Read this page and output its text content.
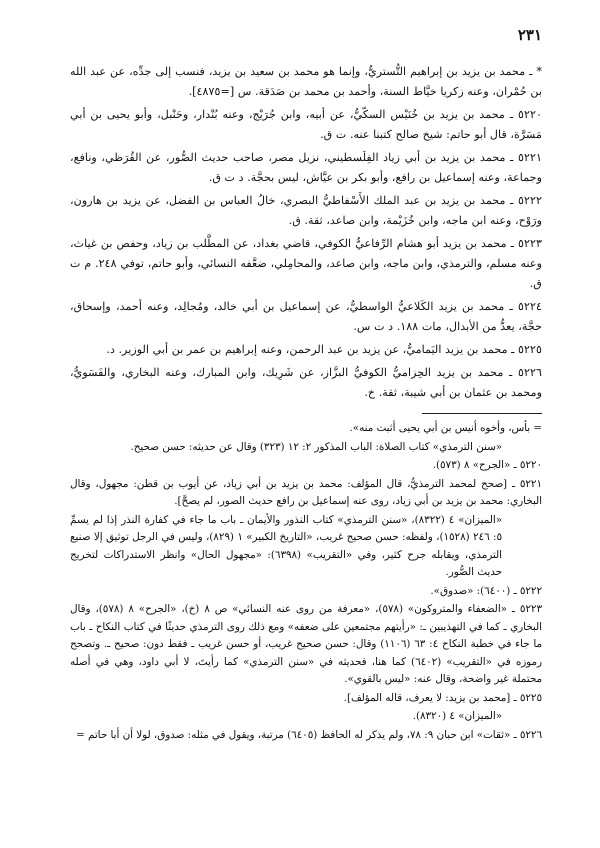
٢٣١

* ـ محمد بن يزيد بن إبراهيم التُّستريُّ، وإنما هو محمد بن سعيد بن يزيد، فنسب إلى جدِّه، عن عبد الله بن حُمْران، وعنه زكريا خيَّاط السنة، وأحمد بن محمد بن صَدَقة. س [=٤٨٧٥].

٥٢٢٠ ـ محمد بن يزيد بن خُنَيْس السكّيُّ، عن أبيه، وابن جُرَيْج، وعنه بُنْدار، وحَنْبل، وأبو يحيى بن أبي مَسَرَّة، قال أبو حاتم: شيخ صالح كتبنا عنه. ت ق.

٥٢٢١ ـ محمد بن يزيد بن أبي زياد الفِلَسطيني، نزيل مصر، صاحب حديث الصُّور، عن القُرَظي، ونافع، وجماعة، وعنه إسماعيل بن رافع، وأبو بكر بن عيَّاش، ليس بحجَّة. د ت ق.

٥٢٢٢ ـ محمد بن يزيد بن عبد الملك الأَسْفاطيُّ البصري، خالُ العباس بن الفضل، عن يزيد بن هارون، ورَوْح، وعنه ابن ماجه، وابن خُزَيْمة، وابن صاعد، ثقة. ق.

٥٢٢٣ ـ محمد بن يزيد أبو هشام الرِّفاعيُّ الكوفي، قاضي بغداد، عن المطَّلب بن زياد، وحفص بن غياث، وعنه مسلم، والترمذي، وابن ماجه، وابن صاعد، والمحامِلي، ضعَّفه النسائي، وأبو حاتم، توفي ٢٤٨. م ت ق.

٥٢٢٤ ـ محمد بن يزيد الكَلاعيُّ الواسطيُّ، عن إسماعيل بن أبي خالد، ومُجالِد، وعنه أحمد، وإسحاق، حجَّة، يعدُّ من الأبدال، مات ١٨٨. د ت س.

٥٢٢٥ ـ محمد بن يزيد اليَماميُّ، عن يزيد بن عبد الرحمن، وعنه إبراهيم بن عمر بن أبي الوزير. د.

٥٢٢٦ ـ محمد بن يزيد الحِزاميُّ الكوفيُّ البزَّاز، عن شَرِيك، وابن المبارك، وعنه البخاري، والفَسَويُّ، ومحمد بن عثمان بن أبي شيبة، ثقة. خ.

= بأس، وأخوه أنيس بن أبي يحيى أثبت منه».

«سنن الترمذي» كتاب الصلاة: الباب المذكور ٢: ١٢ (٣٢٣) وقال عن حديثه: حسن صحيح.

٥٢٢٠ ـ «الجرح» ٨ (٥٧٣).

٥٢٢١ ـ [صحح لمحمد الترمذيُّ، قال المؤلف: محمد بن يزيد بن أبي زياد، عن أيوب بن قطن: مجهول، وقال البخاري: محمد بن يزيد بن أبي زياد، روى عنه إسماعيل بن رافع حديث الصور، لم يصحَّ].

«الميزان» ٤ (٨٣٢٢)، «سنن الترمذي» كتاب النذور والأيمان ـ باب ما جاء في كفارة النذر إذا لم يسمِّ ٥: ٢٤٦ (١٥٢٨)، ولفظه: حسن صحيح غريب، «التاريخ الكبير» ١ (٨٢٩)، وليس في الرجل توثيق إلا صنيع الترمذي، ويقابله جرح كثير، وفي «التقريب» (٦٣٩٨): «مجهول الحال» وانظر الاستدراكات لتخريج حديث الصُّور.

٥٢٢٢ ـ (٦٤٠٠): «صدوق».

٥٢٢٣ ـ «الضعفاء والمتروكون» (٥٧٨)، «معرفة من روى عنه النسائي» ص ٨ (خ)، «الجرح» ٨ (٥٧٨)، وقال البخاري ـ كما في التهذيبين ـ: «رأيتهم مجتمعين على ضعفه» ومع ذلك روى الترمذي حديثًا في كتاب النكاح ـ باب ما جاء في خطبة النكاح ٤: ٦٣ (١١٠٦) وقال: حسن صحيح غريب، أو حسن غريب ـ فقط دون: صحيح ـ. وتصحح رموزه في «التقريب» (٦٤٠٢) كما هنا، فحديثه في «سنن الترمذي» كما رأيتَ، لا أبي داود، وهي في أصله محتملة غير واضحة، وقال عنه: «ليس بالقوي».

٥٢٢٥ ـ [محمد بن يزيد: لا يعرف، قاله المؤلف].

«الميزان» ٤ (٨٣٢٠).

٥٢٢٦ ـ «ثقات» ابن حبان ٩: ٧٨، ولم يذكر له الحافظ (٦٤٠٥) مرتبة، ويقول في مثله: صدوق، لولا أن أبا حاتم =
